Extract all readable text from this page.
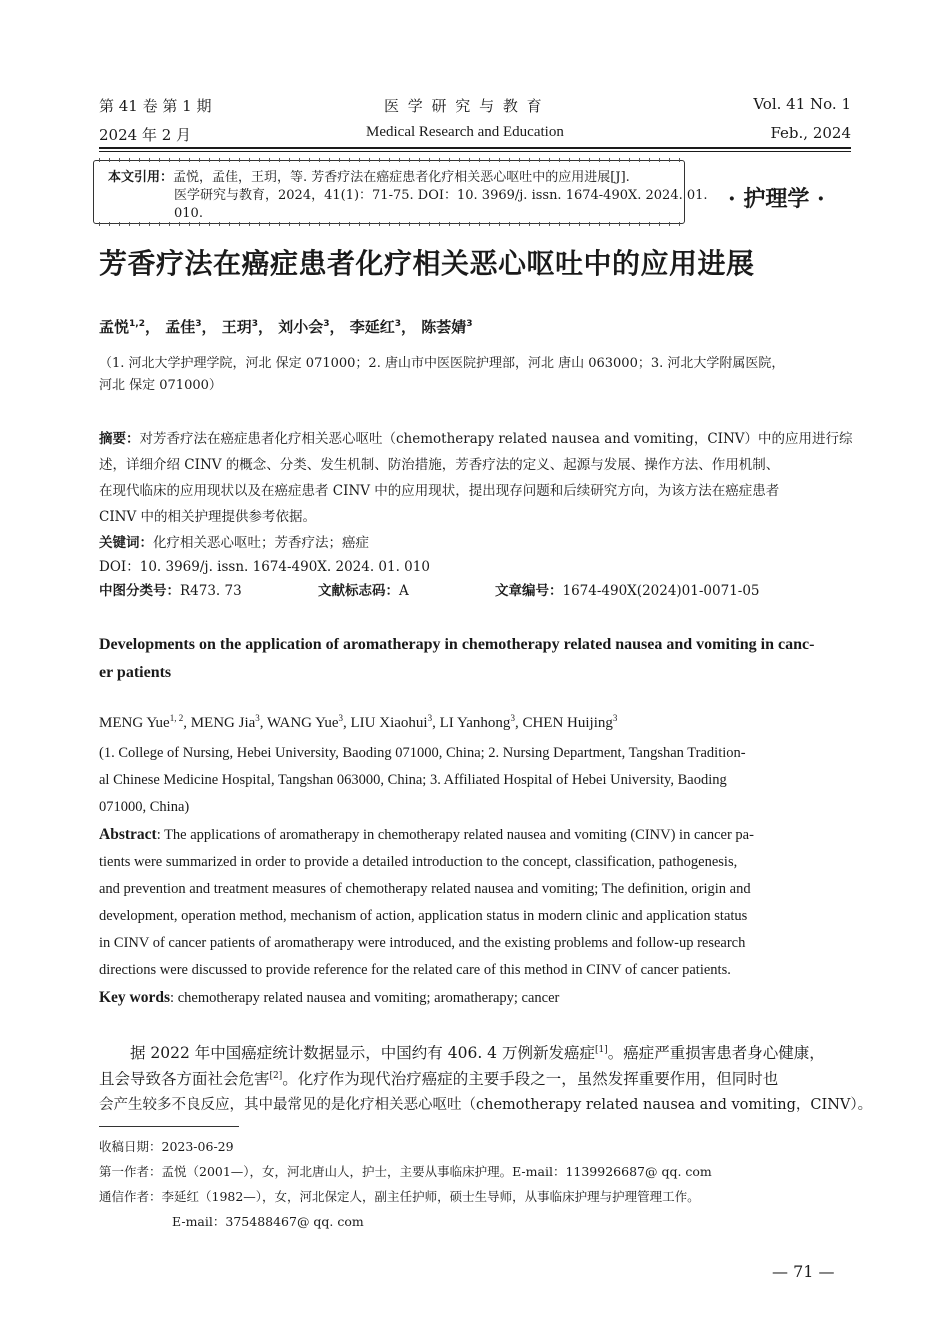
第 41 卷 第 1 期	医 学 研 究 与 教 育	Vol. 41 No. 1
2024 年 2 月	Medical Research and Education	Feb., 2024
本文引用：孟悦，孟佳，王玥，等. 芳香疗法在癌症患者化疗相关恶心呕吐中的应用进展[J].
医学研究与教育，2024，41(1)：71-75. DOI：10. 3969/j. issn. 1674-490X. 2024. 01.
010.
· 护理学 ·
芳香疗法在癌症患者化疗相关恶心呕吐中的应用进展
孟悦$^{1,2}$， 孟佳$^3$， 王玥$^3$， 刘小会$^3$， 李延红$^3$， 陈荟婧$^3$
（1. 河北大学护理学院，河北 保定 071000；2. 唐山市中医医院护理部，河北 唐山 063000；3. 河北大学附属医院，
河北 保定 071000）
摘要：对芳香疗法在癌症患者化疗相关恶心呕吐（chemotherapy related nausea and vomiting，CINV）中的应用进行综
述，详细介绍 CINV 的概念、分类、发生机制、防治措施，芳香疗法的定义、起源与发展、操作方法、作用机制、
在现代临床的应用现状以及在癌症患者 CINV 中的应用现状，提出现存问题和后续研究方向，为该方法在癌症患者
CINV 中的相关护理提供参考依据。
关键词：化疗相关恶心呕吐；芳香疗法；癌症
DOI：10. 3969/j. issn. 1674-490X. 2024. 01. 010
中图分类号：R473. 73	文献标志码：A	文章编号：1674-490X(2024)01-0071-05
Developments on the application of aromatherapy in chemotherapy related nausea and vomiting in canc-
er patients
MENG Yue$^{1, 2}$, MENG Jia$^3$, WANG Yue$^3$, LIU Xiaohui$^3$, LI Yanhong$^3$, CHEN Huijing$^3$
(1. College of Nursing, Hebei University, Baoding 071000, China; 2. Nursing Department, Tangshan Tradition-
al Chinese Medicine Hospital, Tangshan 063000, China; 3. Affiliated Hospital of Hebei University, Baoding
071000, China)
Abstract: The applications of aromatherapy in chemotherapy related nausea and vomiting (CINV) in cancer pa-
tients were summarized in order to provide a detailed introduction to the concept, classification, pathogenesis,
and prevention and treatment measures of chemotherapy related nausea and vomiting; The definition, origin and
development, operation method, mechanism of action, application status in modern clinic and application status
in CINV of cancer patients of aromatherapy were introduced, and the existing problems and follow-up research
directions were discussed to provide reference for the related care of this method in CINV of cancer patients.
Key words: chemotherapy related nausea and vomiting; aromatherapy; cancer
据 2022 年中国癌症统计数据显示，中国约有 406. 4 万例新发癌症[1]。癌症严重损害患者身心健康，
且会导致各方面社会危害[2]。化疗作为现代治疗癌症的主要手段之一，虽然发挥重要作用，但同时也
会产生较多不良反应，其中最常见的是化疗相关恶心呕吐（chemotherapy related nausea and vomiting，CINV）。
收稿日期：2023-06-29
第一作者：孟悦（2001—），女，河北唐山人，护士，主要从事临床护理。E-mail：1139926687@ qq. com
通信作者：李延红（1982—），女，河北保定人，副主任护师，硕士生导师，从事临床护理与护理管理工作。
E-mail：375488467@ qq. com
— 71 —
